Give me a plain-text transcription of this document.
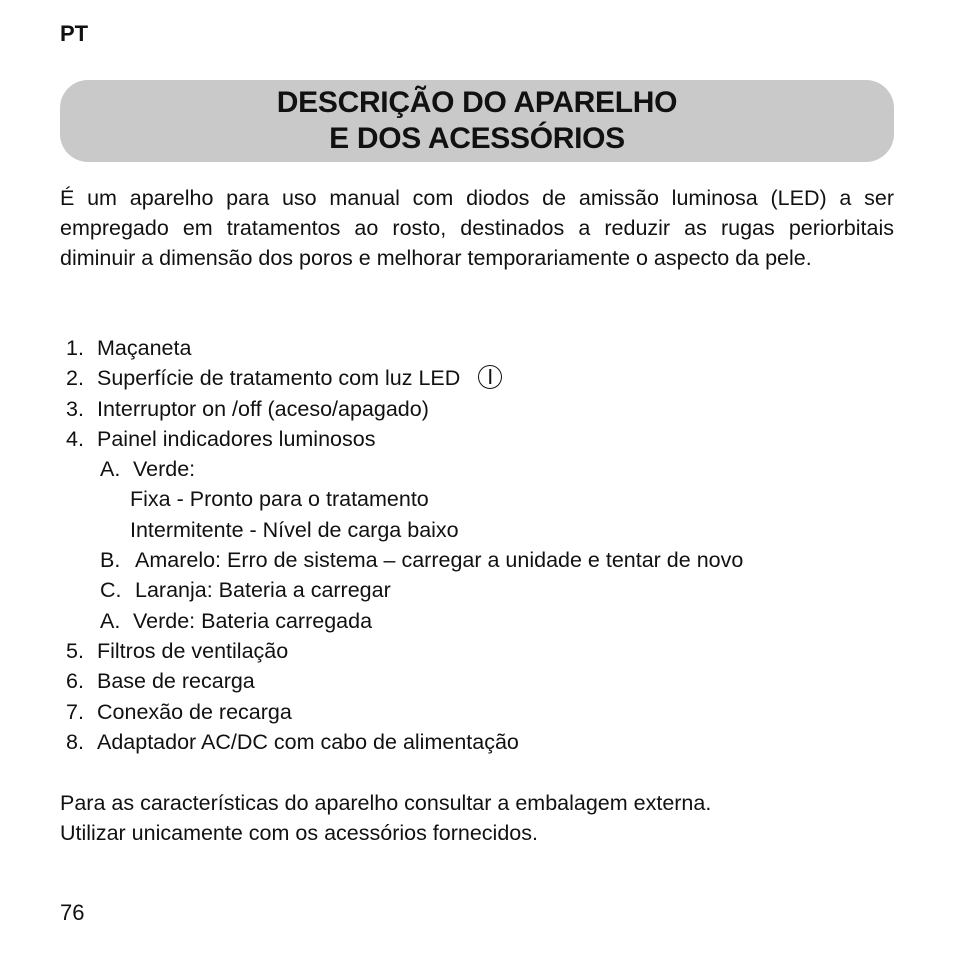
PT
DESCRIÇÃO DO APARELHO
E DOS ACESSÓRIOS

É um aparelho para uso manual com diodos de amissão luminosa (LED) a ser empregado em tratamentos ao rosto, destinados a reduzir as rugas periorbitais diminuir a dimensão dos poros e melhorar temporariamente o aspecto da pele.

1. Maçaneta
2. Superfície de tratamento com luz LED
3. Interruptor on /off (aceso/apagado)
4. Painel indicadores luminosos
A. Verde:
Fixa - Pronto para o tratamento
Intermitente - Nível de carga baixo
B. Amarelo: Erro de sistema – carregar a unidade e tentar de novo
C. Laranja: Bateria a carregar
A. Verde: Bateria carregada
5. Filtros de ventilação
6. Base de recarga
7. Conexão de recarga
8. Adaptador AC/DC com cabo de alimentação
Para as características do aparelho consultar a embalagem externa.
Utilizar unicamente com os acessórios fornecidos.
76
